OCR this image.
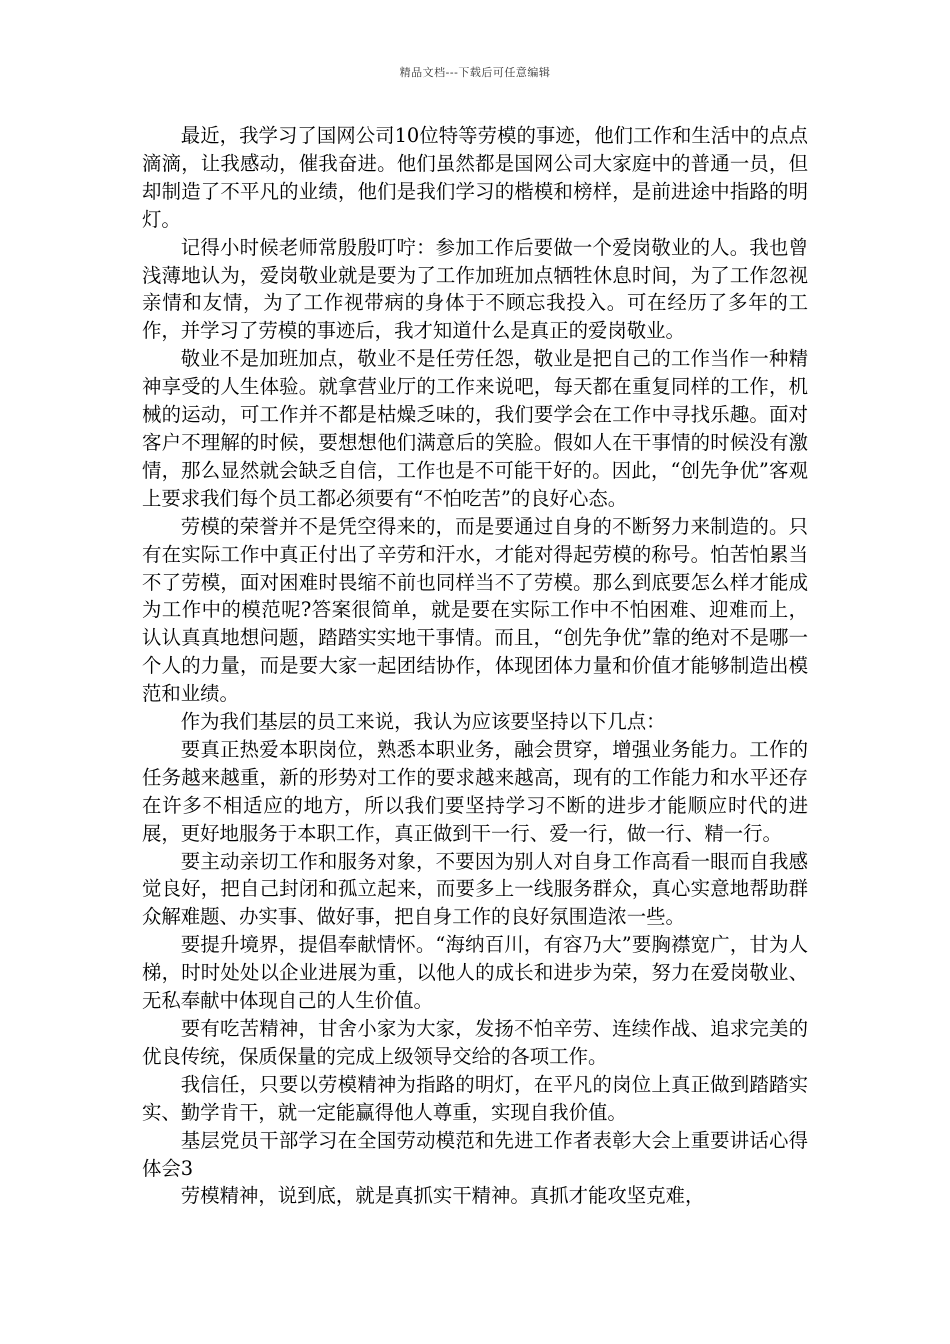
精品文档---下载后可任意编辑

最近，我学习了国网公司10位特等劳模的事迹，他们工作和生活中的点点滴滴，让我感动，催我奋进。他们虽然都是国网公司大家庭中的普通一员，但却制造了不平凡的业绩，他们是我们学习的楷模和榜样，是前进途中指路的明灯。

记得小时候老师常殷殷叮咛：参加工作后要做一个爱岗敬业的人。我也曾浅薄地认为，爱岗敬业就是要为了工作加班加点牺牲休息时间，为了工作忽视亲情和友情，为了工作视带病的身体于不顾忘我投入。可在经历了多年的工作，并学习了劳模的事迹后，我才知道什么是真正的爱岗敬业。

敬业不是加班加点，敬业不是任劳任怨，敬业是把自己的工作当作一种精神享受的人生体验。就拿营业厅的工作来说吧，每天都在重复同样的工作，机械的运动，可工作并不都是枯燥乏味的，我们要学会在工作中寻找乐趣。面对客户不理解的时候，要想想他们满意后的笑脸。假如人在干事情的时候没有激情，那么显然就会缺乏自信，工作也是不可能干好的。因此，“创先争优”客观上要求我们每个员工都必须要有“不怕吃苦”的良好心态。

劳模的荣誉并不是凭空得来的，而是要通过自身的不断努力来制造的。只有在实际工作中真正付出了辛劳和汗水，才能对得起劳模的称号。怕苦怕累当不了劳模，面对困难时畏缩不前也同样当不了劳模。那么到底要怎么样才能成为工作中的模范呢?答案很简单，就是要在实际工作中不怕困难、迎难而上，认认真真地想问题，踏踏实实地干事情。而且，“创先争优”靠的绝对不是哪一个人的力量，而是要大家一起团结协作，体现团体力量和价值才能够制造出模范和业绩。

作为我们基层的员工来说，我认为应该要坚持以下几点：

要真正热爱本职岗位，熟悉本职业务，融会贯穿，增强业务能力。工作的任务越来越重，新的形势对工作的要求越来越高，现有的工作能力和水平还存在许多不相适应的地方，所以我们要坚持学习不断的进步才能顺应时代的进展，更好地服务于本职工作，真正做到干一行、爱一行，做一行、精一行。

要主动亲切工作和服务对象，不要因为别人对自身工作高看一眼而自我感觉良好，把自己封闭和孤立起来，而要多上一线服务群众，真心实意地帮助群众解难题、办实事、做好事，把自身工作的良好氛围造浓一些。

要提升境界，提倡奉献情怀。“海纳百川，有容乃大”要胸襟宽广，甘为人梯，时时处处以企业进展为重，以他人的成长和进步为荣，努力在爱岗敬业、无私奉献中体现自己的人生价值。

要有吃苦精神，甘舍小家为大家，发扬不怕辛劳、连续作战、追求完美的优良传统，保质保量的完成上级领导交给的各项工作。

我信任，只要以劳模精神为指路的明灯，在平凡的岗位上真正做到踏踏实实、勤学肯干，就一定能赢得他人尊重，实现自我价值。

基层党员干部学习在全国劳动模范和先进工作者表彰大会上重要讲话心得体会3

劳模精神，说到底，就是真抓实干精神。真抓才能攻坚克难，
